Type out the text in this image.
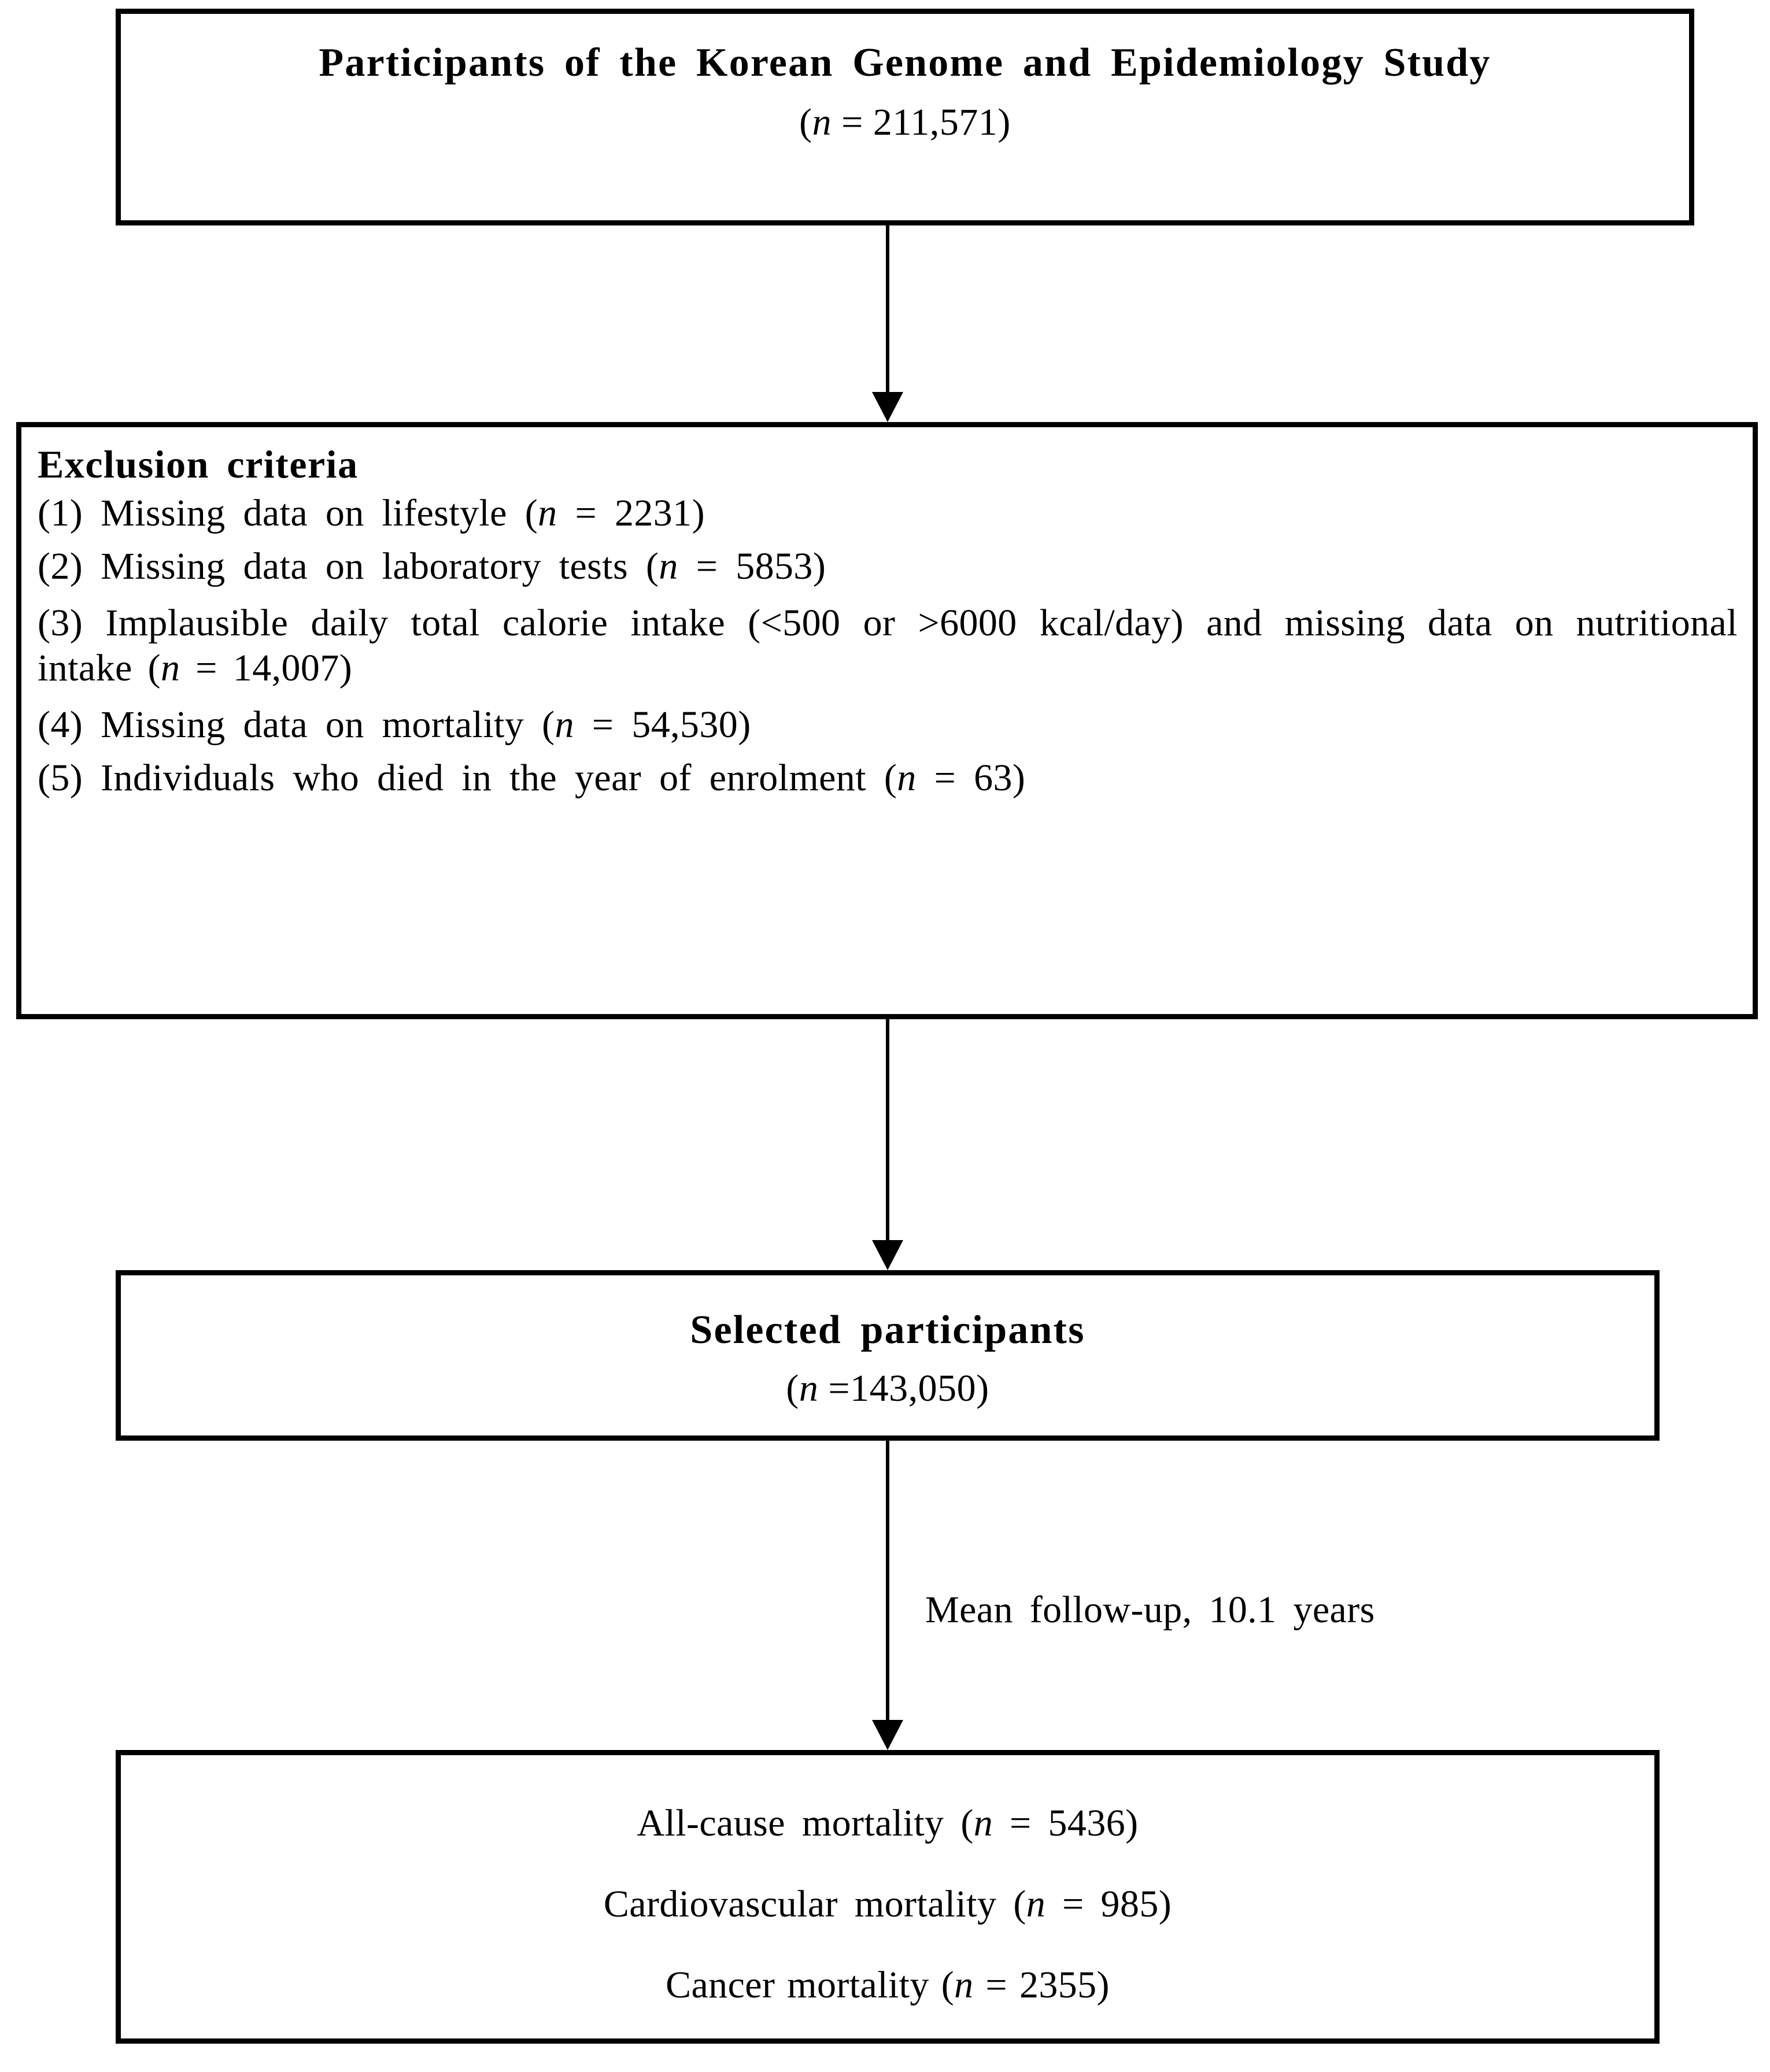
Participants of the Korean Genome and Epidemiology Study
(n = 211,571)
Exclusion criteria

(1) Missing data on lifestyle (n = 2231)

(2) Missing data on laboratory tests (n = 5853)

(3) Implausible daily total calorie intake (<500 or >6000 kcal/day) and missing data on nutritional intake (n = 14,007)

(4) Missing data on mortality (n = 54,530)

(5) Individuals who died in the year of enrolment (n = 63)

Selected participants
(n =143,050)
Mean follow-up, 10.1 years
All-cause mortality (n = 5436)
Cardiovascular mortality (n = 985)
Cancer mortality (n = 2355)
